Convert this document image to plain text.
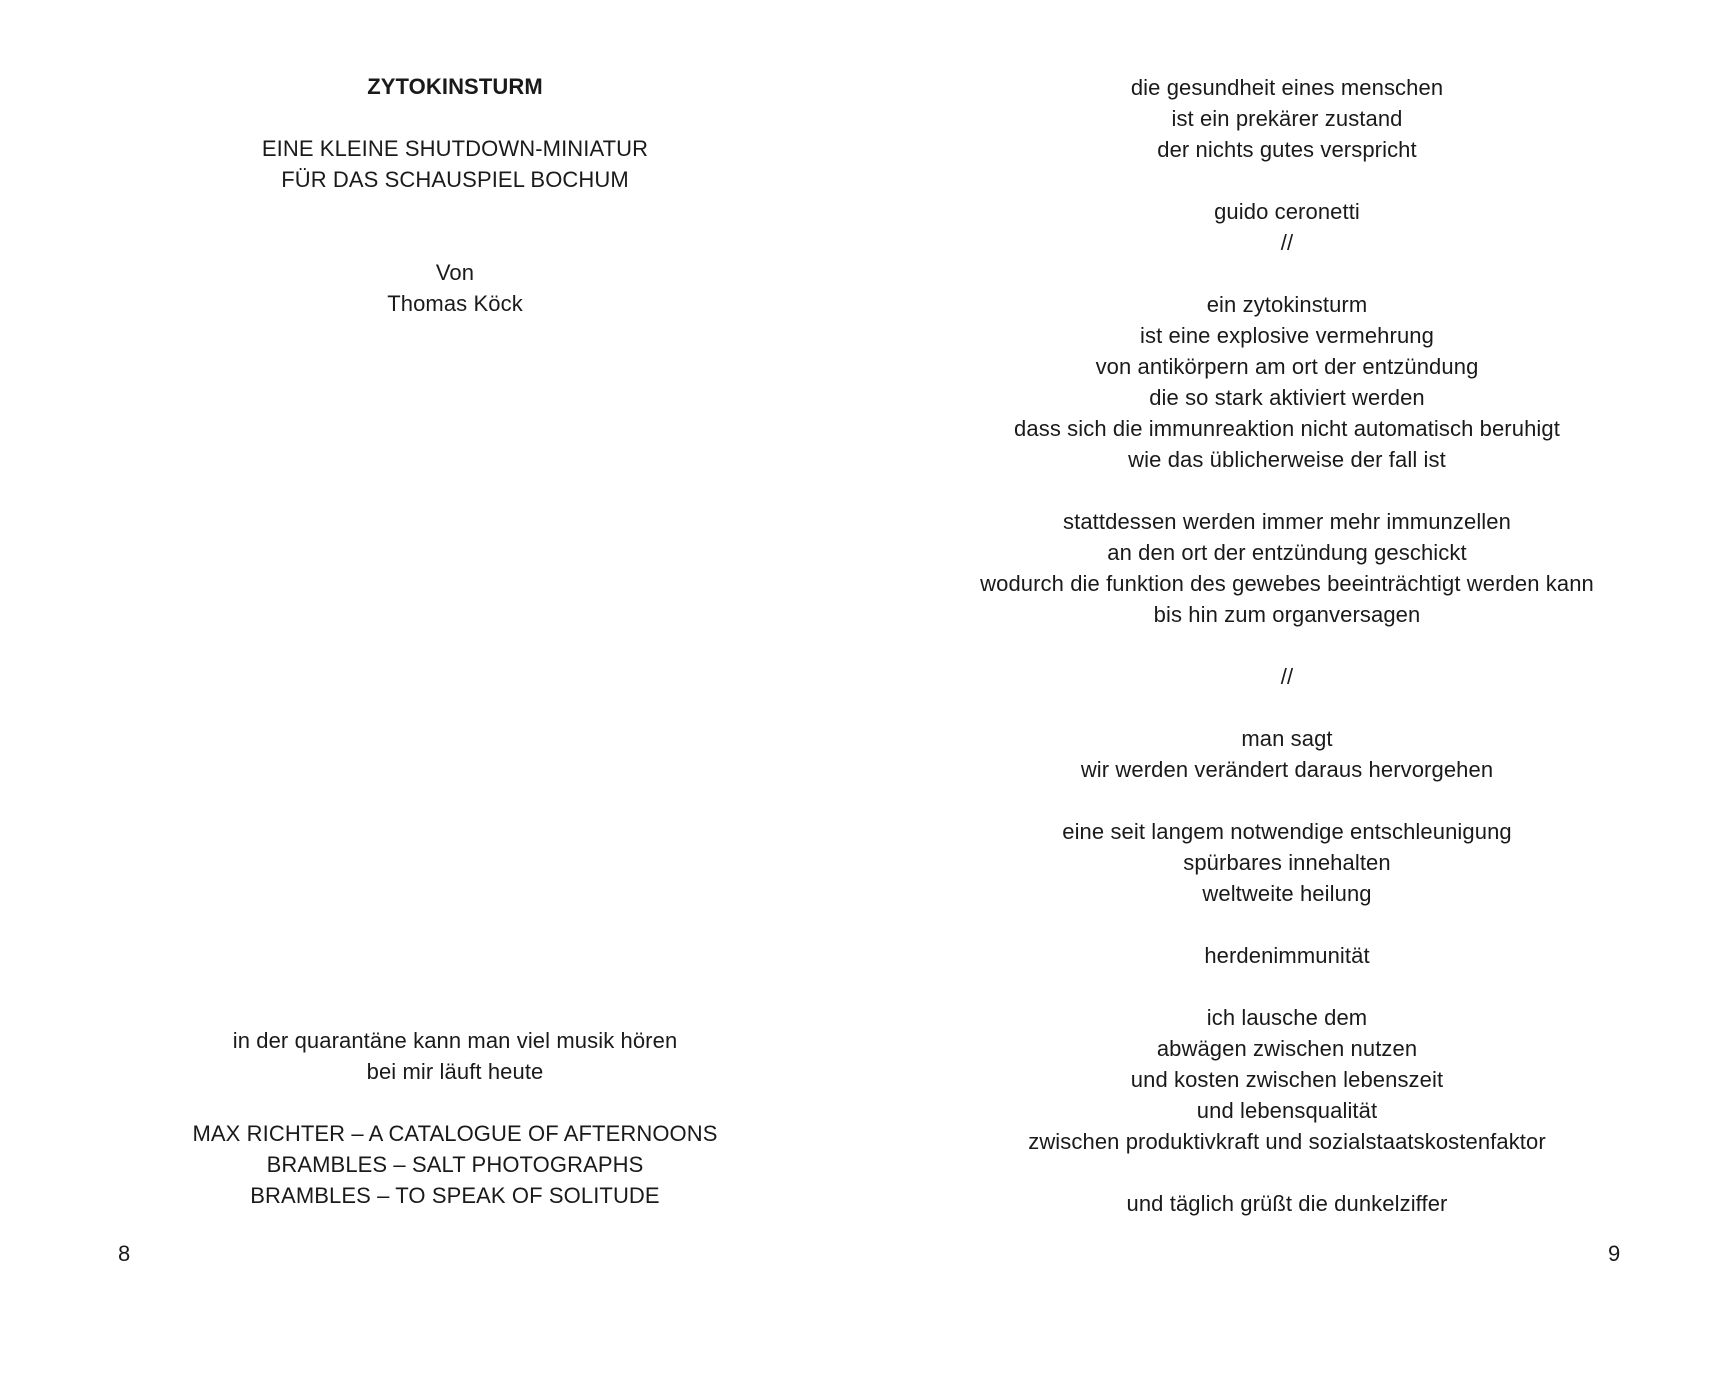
ZYTOKINSTURM
EINE KLEINE SHUTDOWN-MINIATUR
FÜR DAS SCHAUSPIEL BOCHUM
Von
Thomas Köck
in der quarantäne kann man viel musik hören
bei mir läuft heute
MAX RICHTER – A CATALOGUE OF AFTERNOONS
BRAMBLES – SALT PHOTOGRAPHS
BRAMBLES – TO SPEAK OF SOLITUDE
die gesundheit eines menschen
ist ein prekärer zustand
der nichts gutes verspricht
guido ceronetti
//
ein zytokinsturm
ist eine explosive vermehrung
von antikörpern am ort der entzündung
die so stark aktiviert werden
dass sich die immunreaktion nicht automatisch beruhigt
wie das üblicherweise der fall ist
stattdessen werden immer mehr immunzellen
an den ort der entzündung geschickt
wodurch die funktion des gewebes beeinträchtigt werden kann
bis hin zum organversagen
//
man sagt
wir werden verändert daraus hervorgehen
eine seit langem notwendige entschleunigung
spürbares innehalten
weltweite heilung
herdenimmunität
ich lausche dem
abwägen zwischen nutzen
und kosten zwischen lebenszeit
und lebensqualität
zwischen produktivkraft und sozialstaatskostenfaktor
und täglich grüßt die dunkelziffer
8	9
